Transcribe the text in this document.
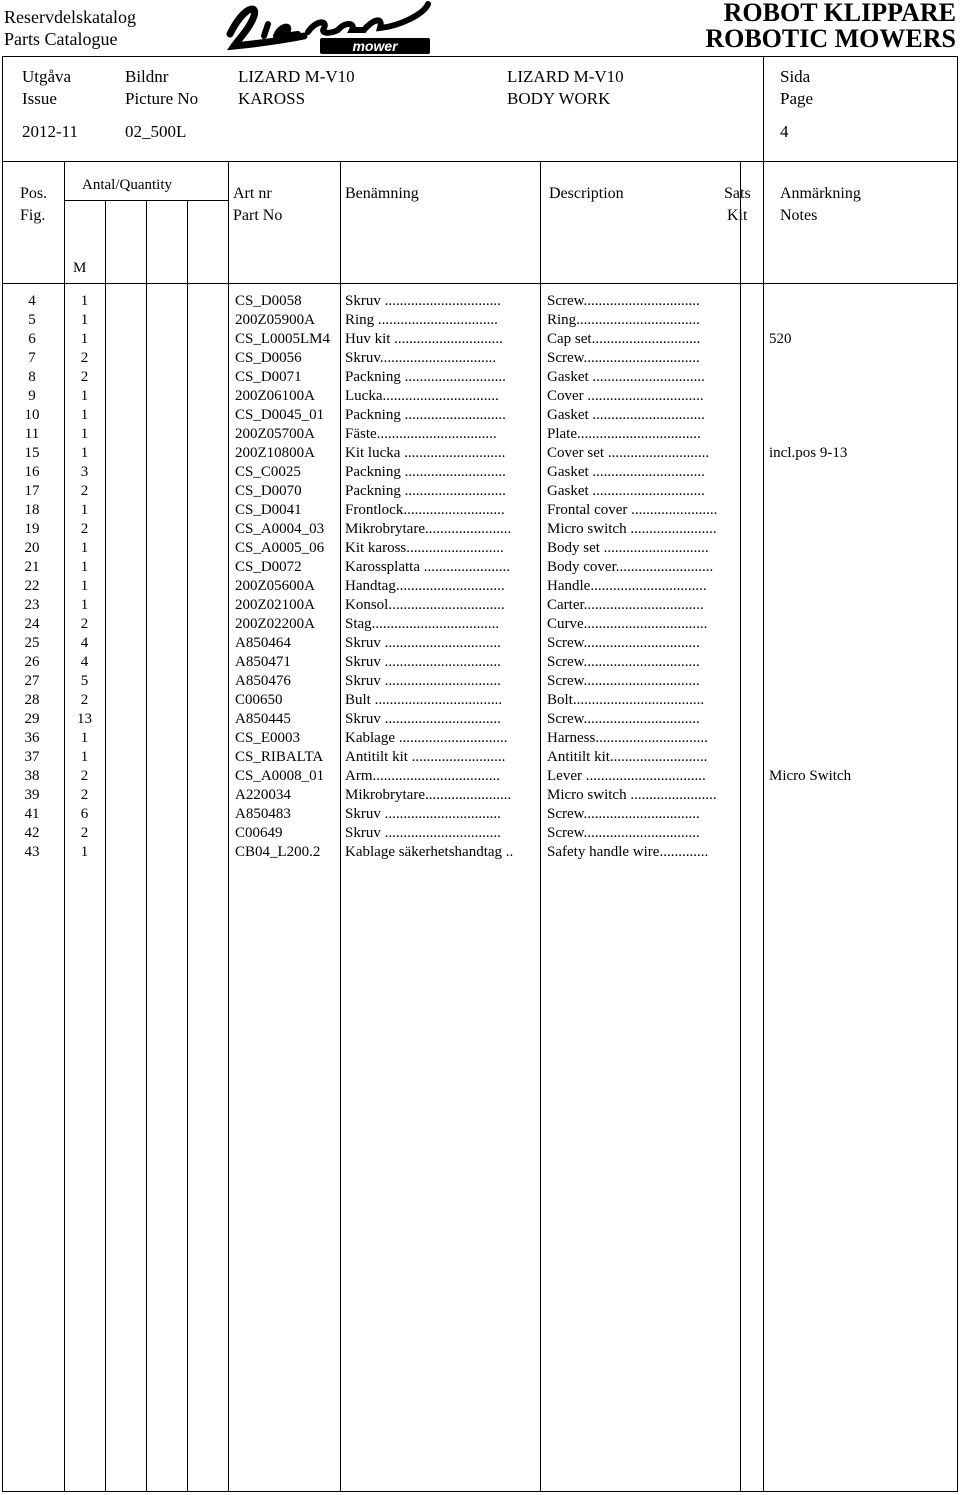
Reservdelskatalog
Parts Catalogue	mower
ROBOT KLIPPARE
ROBOTIC MOWERS
Utgåva
Issue
2012-11
Bildnr
Picture No
02_500L
LIZARD M-V10
KAROSS
LIZARD M-V10
BODY WORK
Sida
Page
4
Pos.
Fig.
Antal/Quantity
M
Art nr
Part No
Benämning	Description	Sats
Kit
Anmärkning
Notes
4	1	CS_D0058	Skruv ...............................	Screw...............................
5	1	200Z05900A	Ring ................................	Ring.................................
6	1	CS_L0005LM4 Huv kit .............................	Cap set.............................	520
7	2	CS_D0056	Skruv...............................	Screw...............................
8	2	CS_D0071	Packning ...........................	Gasket ..............................
9	1	200Z06100A	Lucka...............................	Cover ...............................
10	1	CS_D0045_01	Packning ...........................	Gasket ..............................
11	1	200Z05700A	Fäste................................	Plate.................................
15	1	200Z10800A	Kit lucka ...........................	Cover set ...........................	incl.pos 9-13
16	3	CS_C0025	Packning ...........................	Gasket ..............................
17	2	CS_D0070	Packning ...........................	Gasket ..............................
18	1	CS_D0041	Frontlock...........................	Frontal cover .......................
19	2	CS_A0004_03	Mikrobrytare.......................	Micro switch .......................
20	1	CS_A0005_06	Kit kaross..........................	Body set ............................
21	1	CS_D0072	Karossplatta .......................	Body cover..........................
22	1	200Z05600A	Handtag.............................	Handle...............................
23	1	200Z02100A	Konsol...............................	Carter................................
24	2	200Z02200A	Stag..................................	Curve.................................
25	4	A850464	Skruv ...............................	Screw...............................
26	4	A850471	Skruv ...............................	Screw...............................
27	5	A850476	Skruv ...............................	Screw...............................
28	2	C00650	Bult ..................................	Bolt...................................
29	13	A850445	Skruv ...............................	Screw...............................
36	1	CS_E0003	Kablage .............................	Harness..............................
37	1	CS_RIBALTA	Antitilt kit .........................	Antitilt kit..........................
38	2	CS_A0008_01	Arm..................................	Lever ................................	Micro Switch
39	2	A220034	Mikrobrytare.......................	Micro switch .......................
41	6	A850483	Skruv ...............................	Screw...............................
42	2	C00649	Skruv ...............................	Screw...............................
43	1	CB04_L200.2	Kablage säkerhetshandtag ..	Safety handle wire.............
